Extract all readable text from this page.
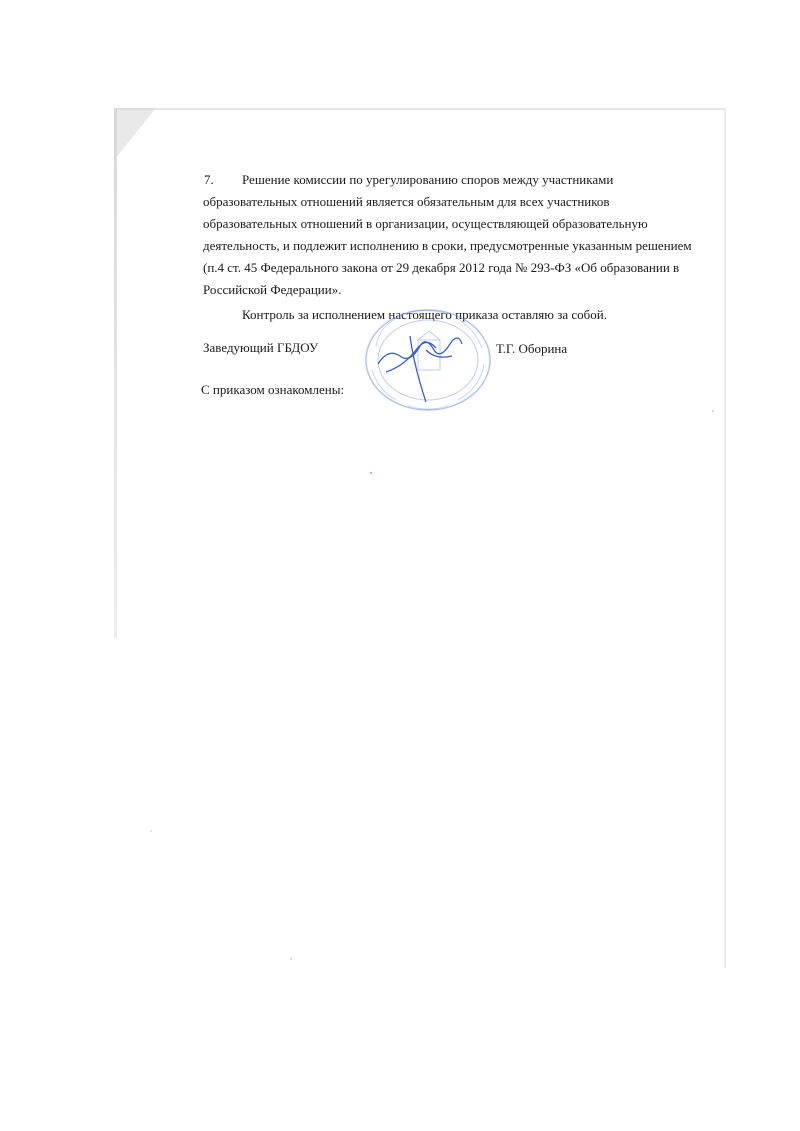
7. Решение комиссии по урегулированию споров между участниками
образовательных отношений является обязательным для всех участников
образовательных отношений в организации, осуществляющей образовательную
деятельность, и подлежит исполнению в сроки, предусмотренные указанным решением
(п.4 ст. 45 Федерального закона от 29 декабря 2012 года № 293-ФЗ «Об образовании в
Российской Федерации».
Контроль за исполнением настоящего приказа оставляю за собой.
Заведующий ГБДОУ	Т.Г. Оборина
С приказом ознакомлены:
